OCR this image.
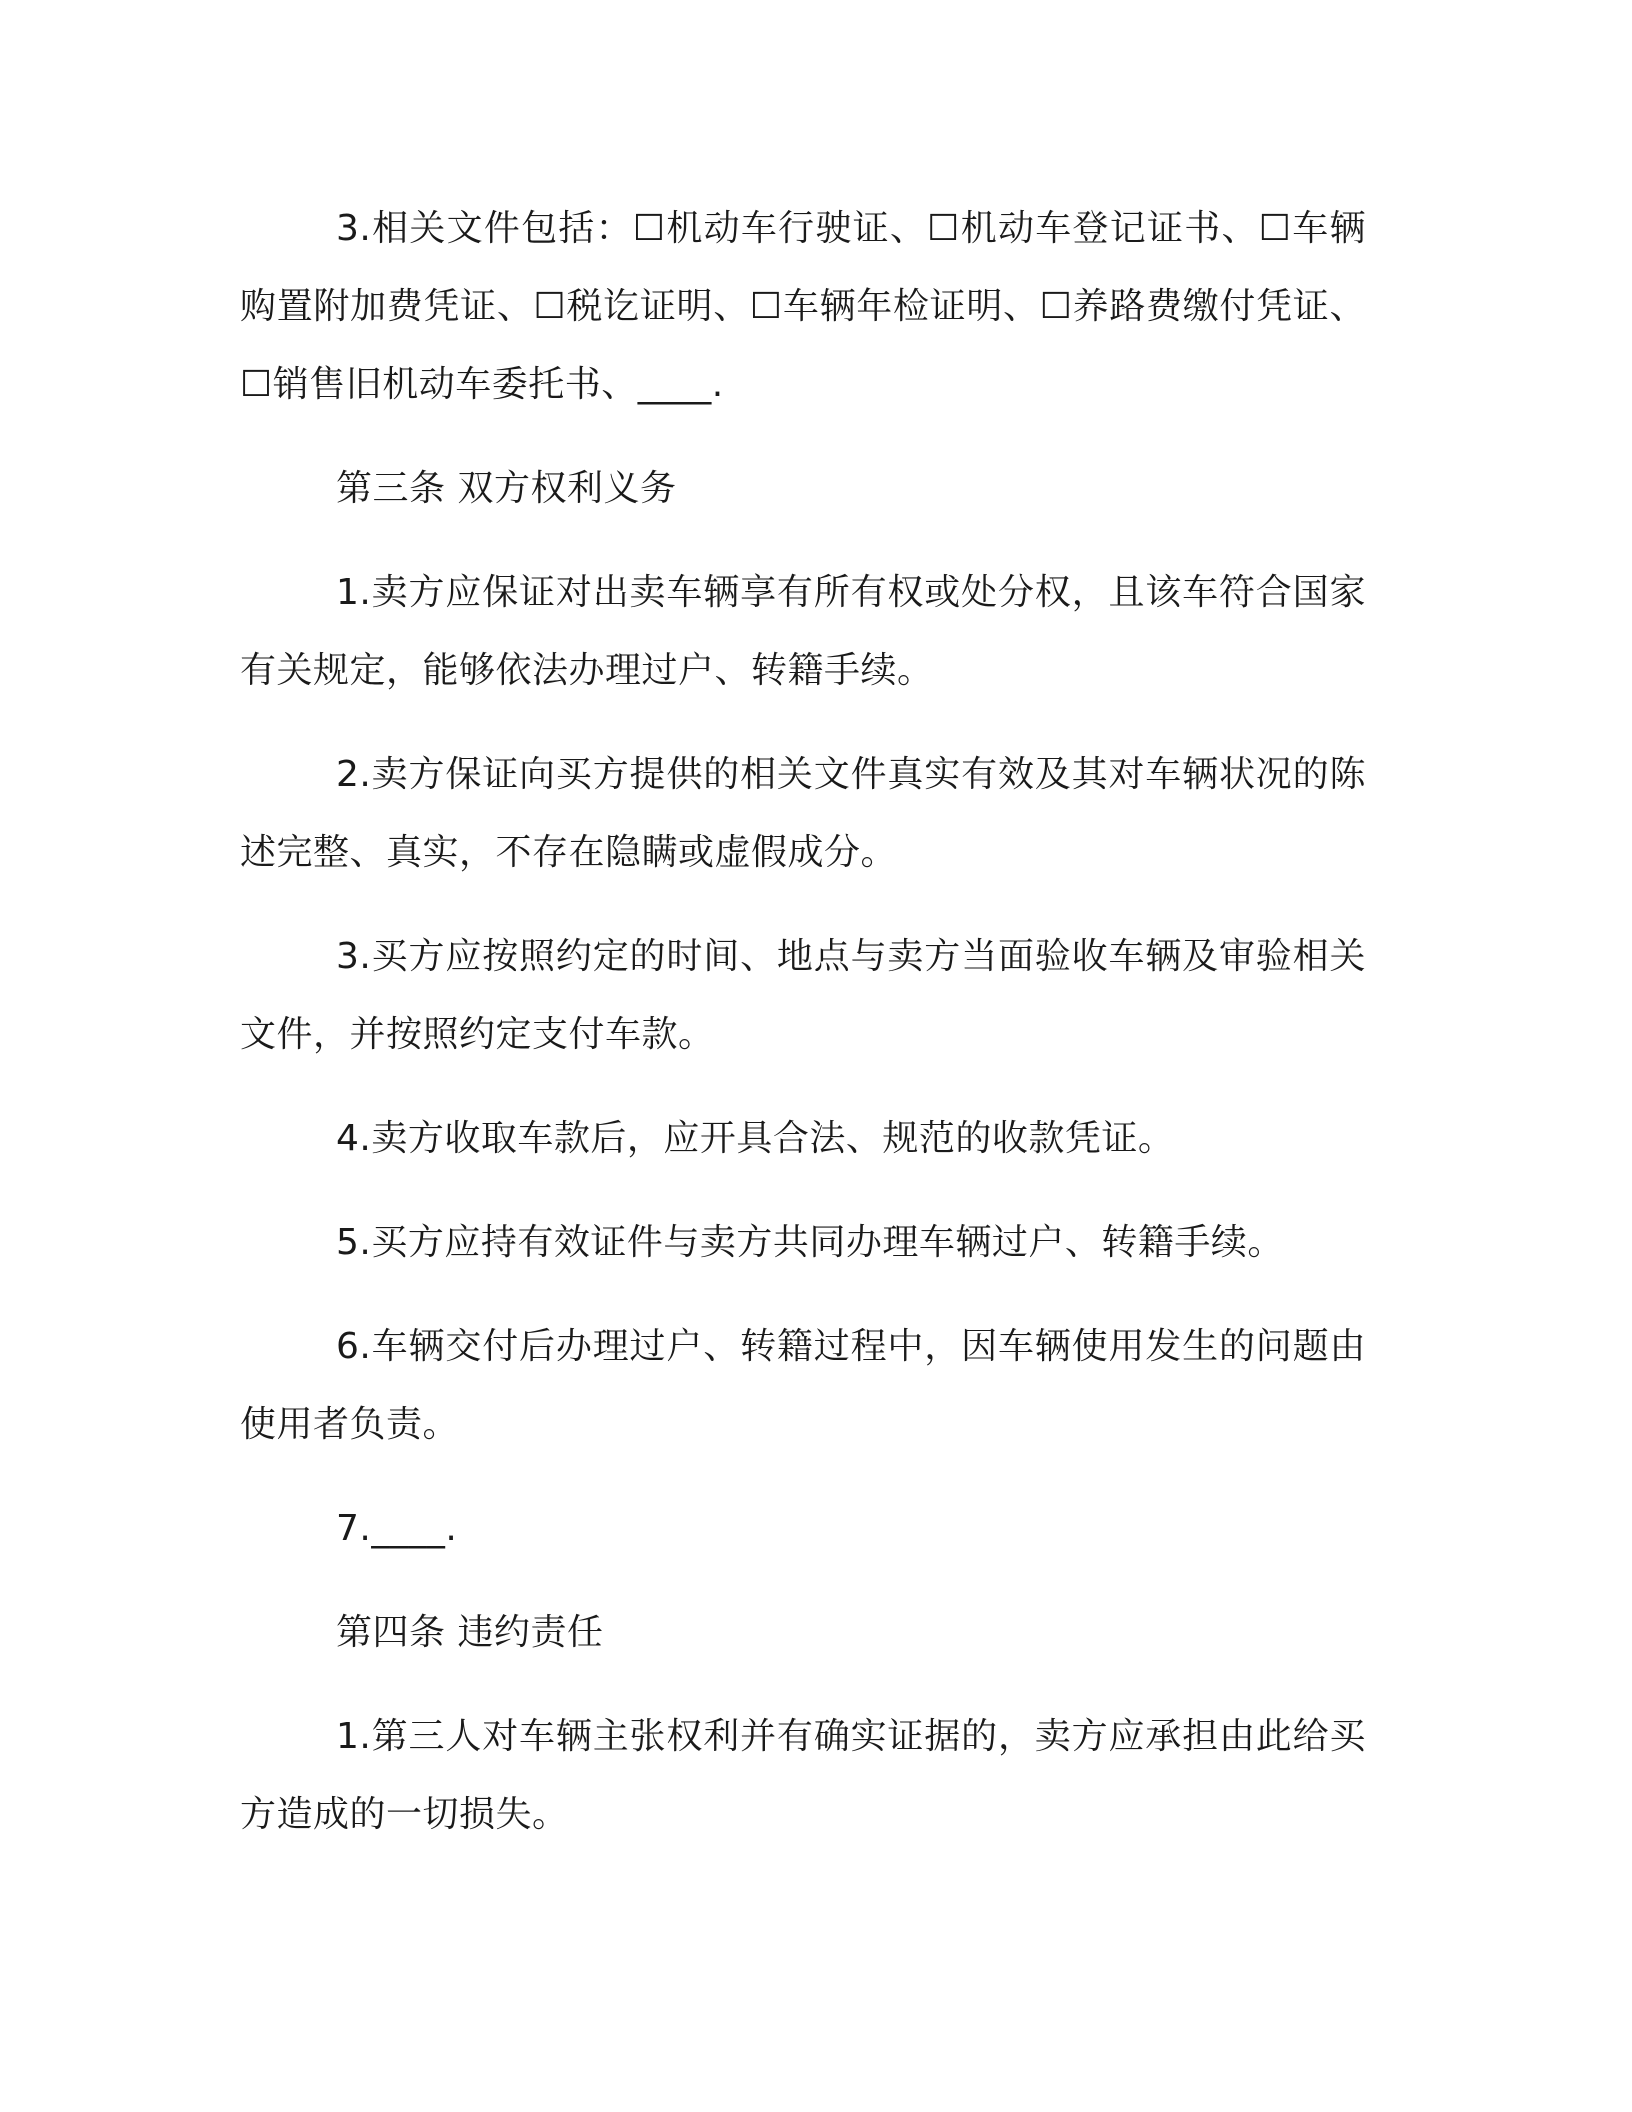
3.相关文件包括：☐机动车行驶证、☐机动车登记证书、☐车辆购置附加费凭证、☐税讫证明、☐车辆年检证明、☐养路费缴付凭证、☐销售旧机动车委托书、____.

第三条 双方权利义务

1.卖方应保证对出卖车辆享有所有权或处分权，且该车符合国家有关规定，能够依法办理过户、转籍手续。

2.卖方保证向买方提供的相关文件真实有效及其对车辆状况的陈述完整、真实，不存在隐瞒或虚假成分。

3.买方应按照约定的时间、地点与卖方当面验收车辆及审验相关文件，并按照约定支付车款。

4.卖方收取车款后，应开具合法、规范的收款凭证。

5.买方应持有效证件与卖方共同办理车辆过户、转籍手续。

6.车辆交付后办理过户、转籍过程中，因车辆使用发生的问题由使用者负责。

7.____.

第四条 违约责任

1.第三人对车辆主张权利并有确实证据的，卖方应承担由此给买方造成的一切损失。
